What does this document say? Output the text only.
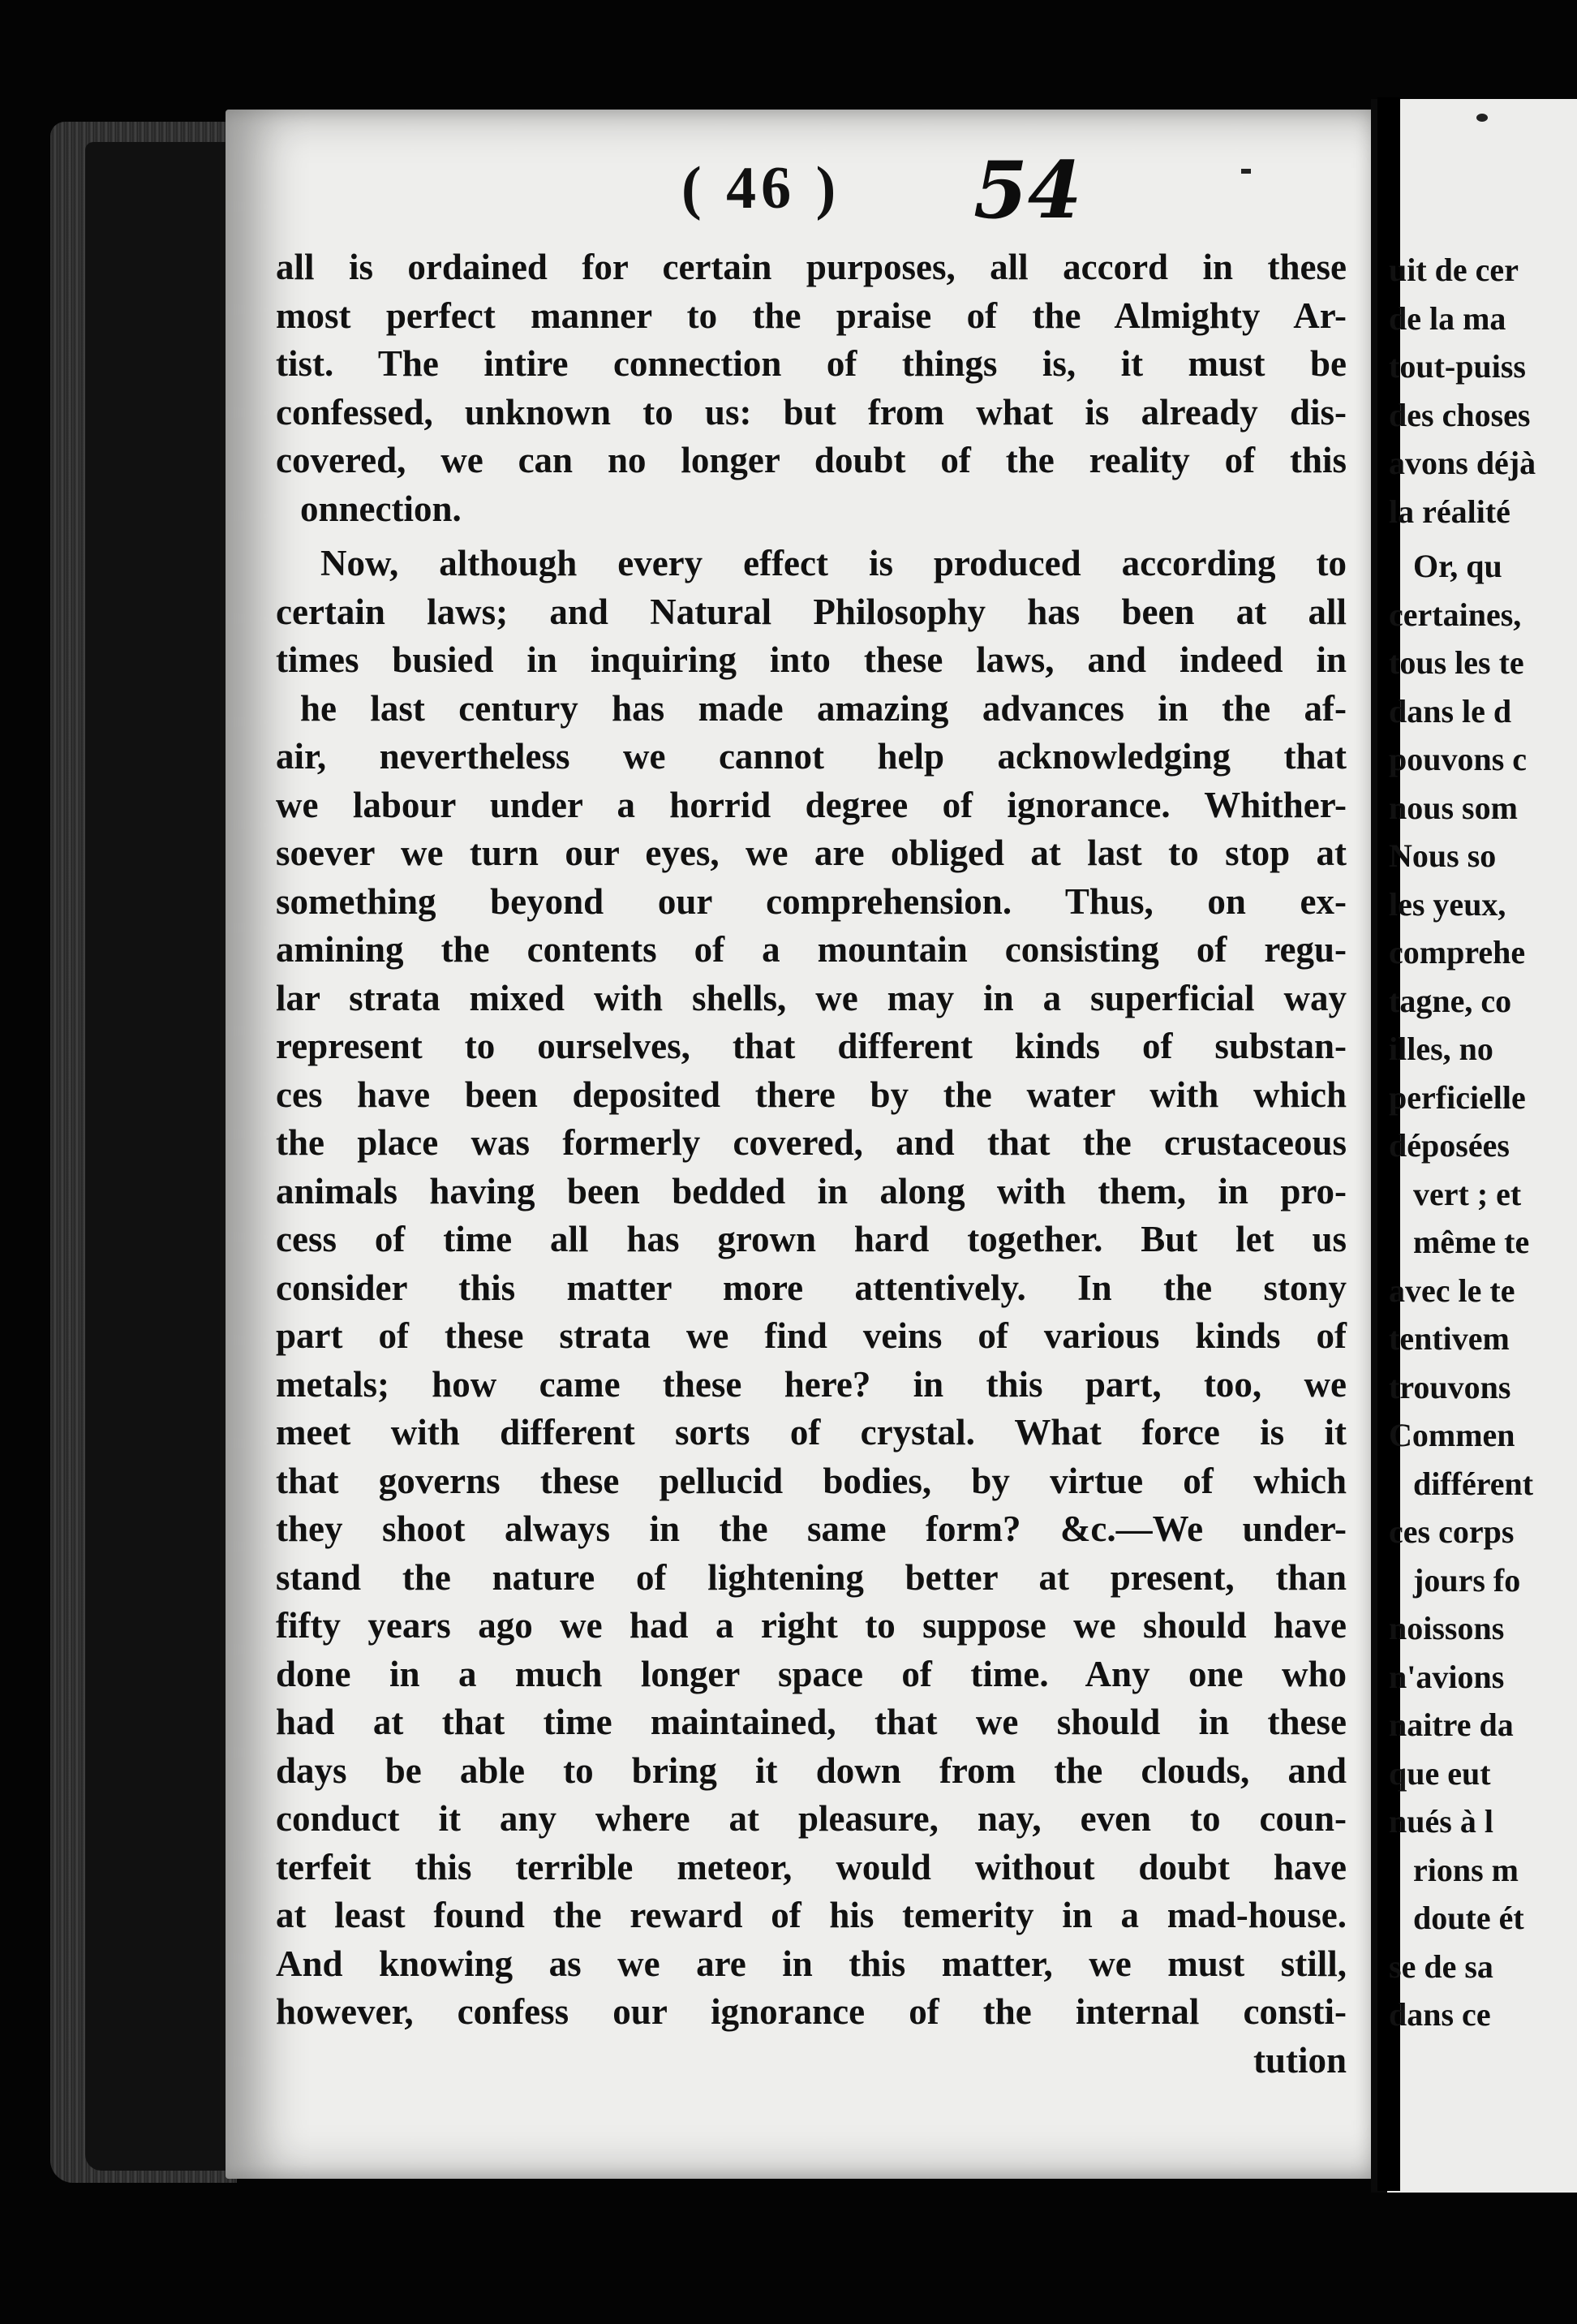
( 46 ) 54
all is ordained for certain purposes, all accord in these
most perfect manner to the praise of the Almighty Ar-
tist. The intire connection of things is, it must be
confessed, unknown to us: but from what is already dis-
covered, we can no longer doubt of the reality of this
onnection.
Now, although every effect is produced according to
certain laws; and Natural Philosophy has been at all
times busied in inquiring into these laws, and indeed in
he last century has made amazing advances in the af-
air, nevertheless we cannot help acknowledging that
we labour under a horrid degree of ignorance. Whither-
soever we turn our eyes, we are obliged at last to stop at
something beyond our comprehension. Thus, on ex-
amining the contents of a mountain consisting of regu-
lar strata mixed with shells, we may in a superficial way
represent to ourselves, that different kinds of substan-
ces have been deposited there by the water with which
the place was formerly covered, and that the crustaceous
animals having been bedded in along with them, in pro-
cess of time all has grown hard together. But let us
consider this matter more attentively. In the stony
part of these strata we find veins of various kinds of
metals; how came these here? in this part, too, we
meet with different sorts of crystal. What force is it
that governs these pellucid bodies, by virtue of which
they shoot always in the same form? &c.—We under-
stand the nature of lightening better at present, than
fifty years ago we had a right to suppose we should have
done in a much longer space of time. Any one who
had at that time maintained, that we should in these
days be able to bring it down from the clouds, and
conduct it any where at pleasure, nay, even to coun-
terfeit this terrible meteor, would without doubt have
at least found the reward of his temerity in a mad-house.
And knowing as we are in this matter, we must still,
however, confess our ignorance of the internal consti-
tution
uit de cer
de la ma
tout-puiss
des choses
avons déjà
la réalité
Or, qu
certaines,
tous les te
dans le d
pouvons c
nous som
Nous so
les yeux,
comprehe
tagne, co
illes, no
perficielle
déposées
vert ; et
même te
avec le te
tentivem
trouvons
Commen
différent
ces corps
jours fo
noissons
n'avions
naitre da
que eut
nués à l
rions m
doute ét
se de sa
dans ce
